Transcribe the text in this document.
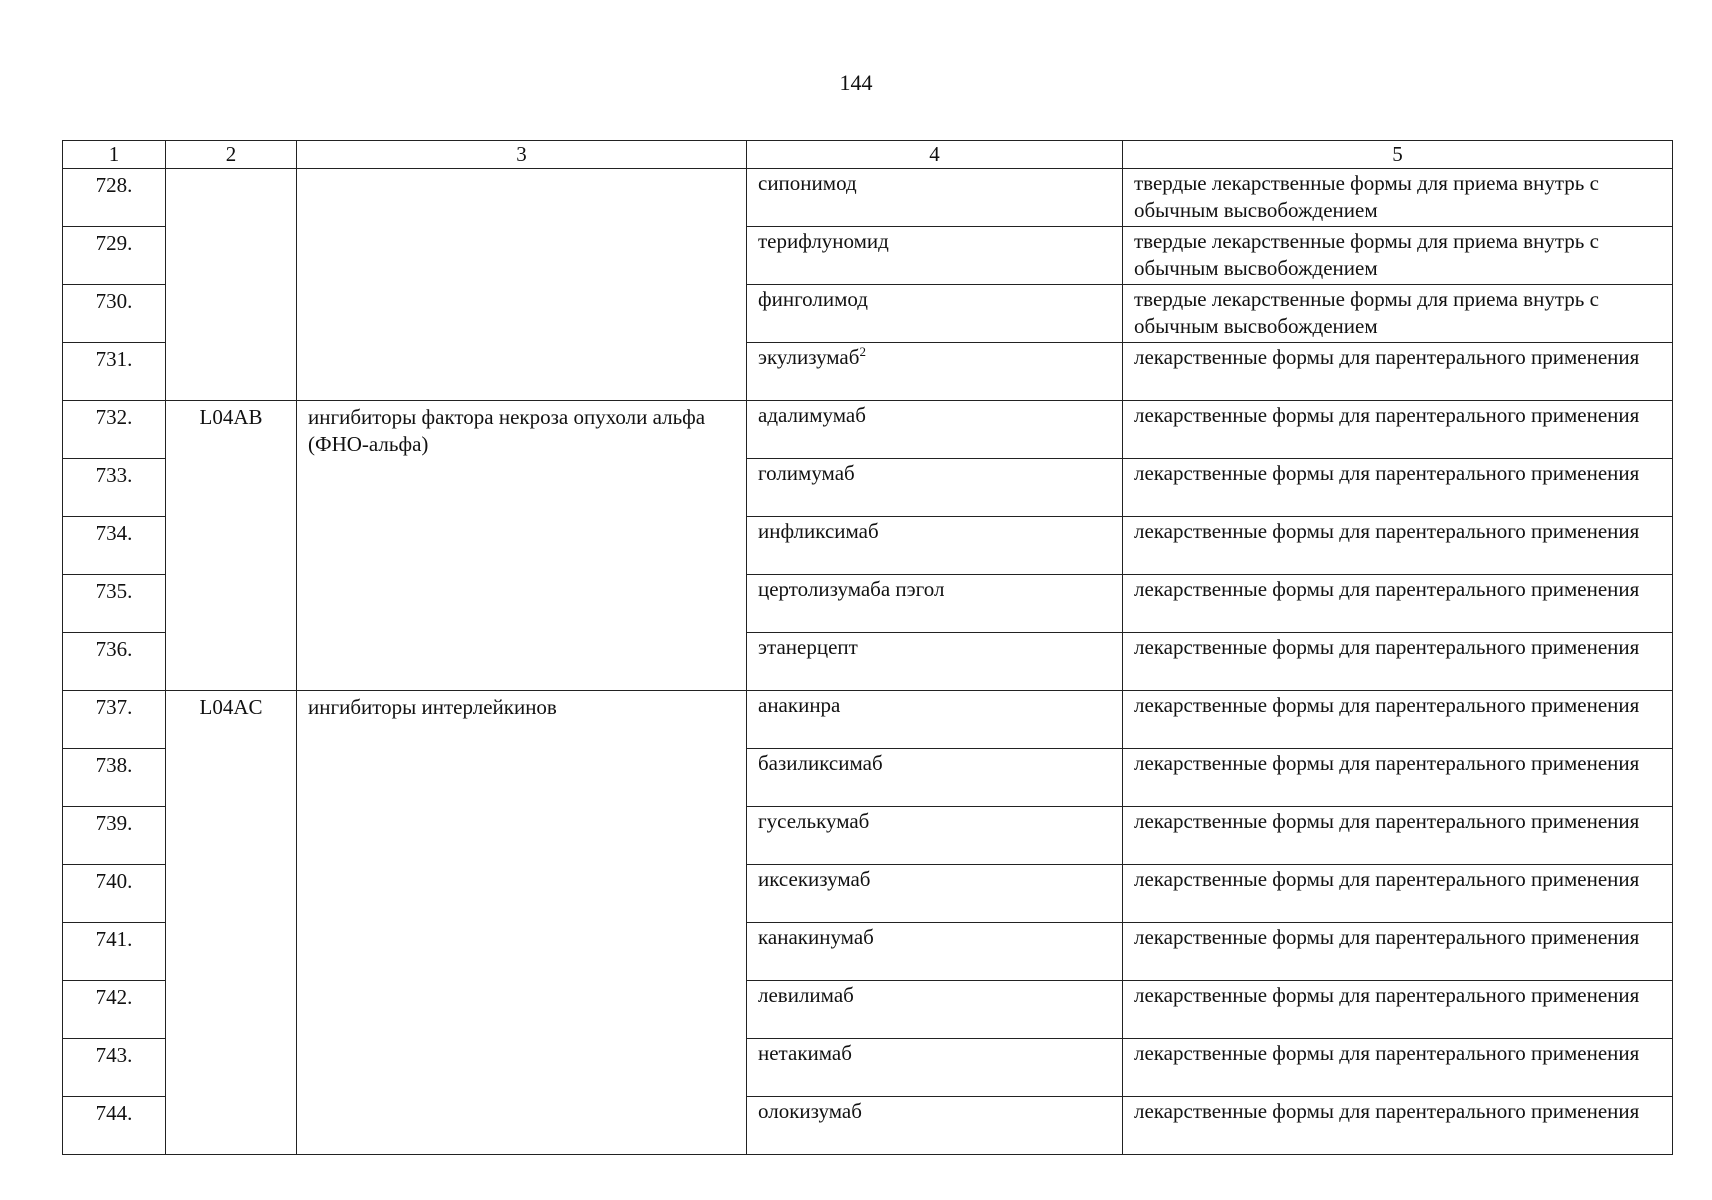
144
1	2	3	4	5
728.			сипонимод	твердые лекарственные формы для приема внутрь с обычным высвобождением
729.			терифлуномид	твердые лекарственные формы для приема внутрь с обычным высвобождением
730.			финголимод	твердые лекарственные формы для приема внутрь с обычным высвобождением
731.			экулизумаб$^2$	лекарственные формы для парентерального применения
732.	L04AB	ингибиторы фактора некроза опухоли альфа (ФНО-альфа)	адалимумаб	лекарственные формы для парентерального применения
733.			голимумаб	лекарственные формы для парентерального применения
734.			инфликсимаб	лекарственные формы для парентерального применения
735.			цертолизумаба пэгол	лекарственные формы для парентерального применения
736.			этанерцепт	лекарственные формы для парентерального применения
737.	L04AC	ингибиторы интерлейкинов	анакинра	лекарственные формы для парентерального применения
738.			базиликсимаб	лекарственные формы для парентерального применения
739.			гуселькумаб	лекарственные формы для парентерального применения
740.			иксекизумаб	лекарственные формы для парентерального применения
741.			канакинумаб	лекарственные формы для парентерального применения
742.			левилимаб	лекарственные формы для парентерального применения
743.			нетакимаб	лекарственные формы для парентерального применения
744.			олокизумаб	лекарственные формы для парентерального применения
